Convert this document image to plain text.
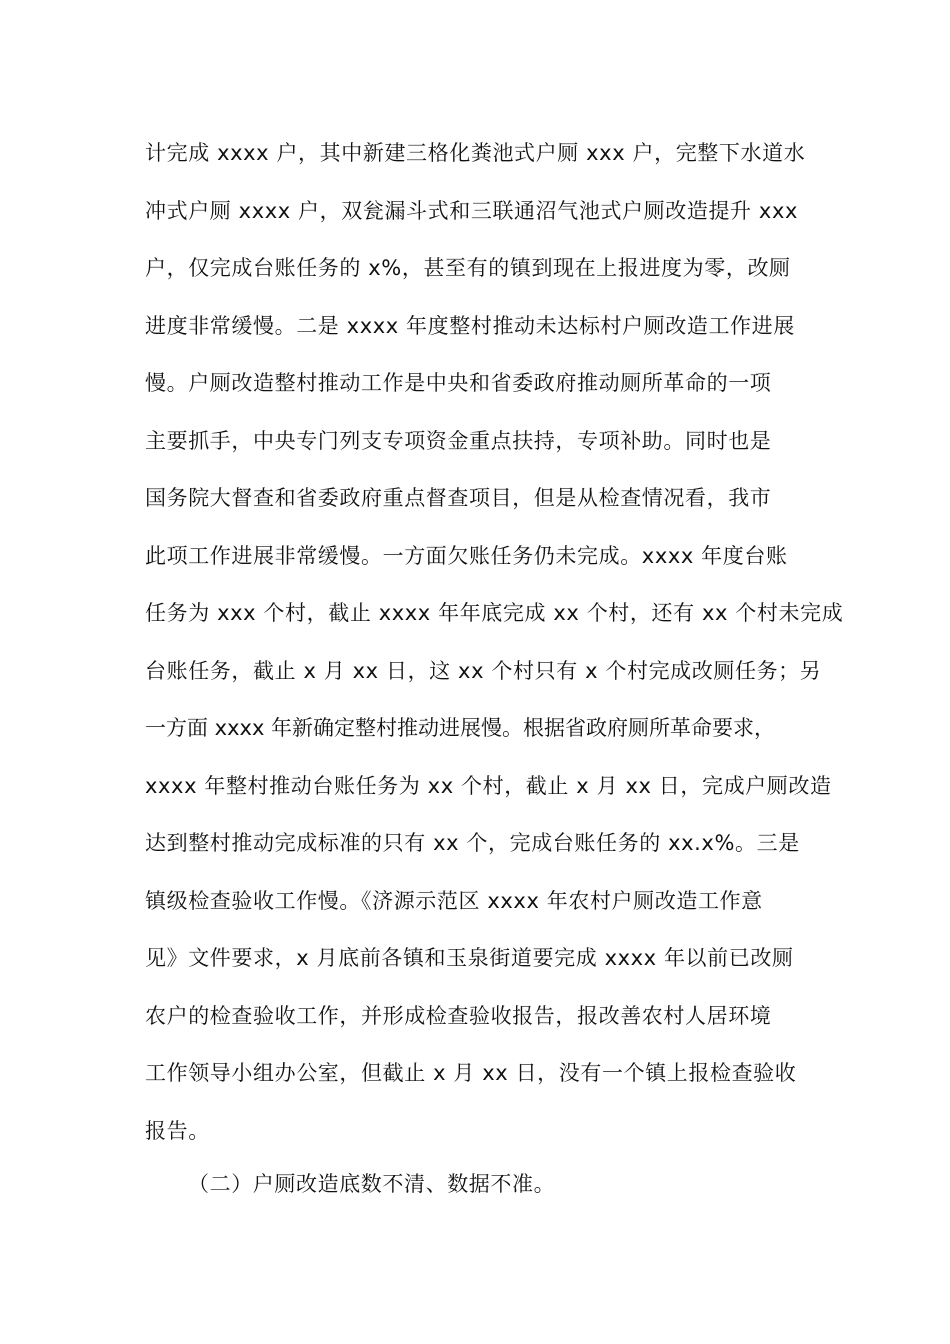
计完成 xxxx 户，其中新建三格化粪池式户厕 xxx 户，完整下水道水
冲式户厕 xxxx 户，双瓮漏斗式和三联通沼气池式户厕改造提升 xxx
户，仅完成台账任务的 x%，甚至有的镇到现在上报进度为零，改厕
进度非常缓慢。二是 xxxx 年度整村推动未达标村户厕改造工作进展
慢。户厕改造整村推动工作是中央和省委政府推动厕所革命的一项
主要抓手，中央专门列支专项资金重点扶持，专项补助。同时也是
国务院大督查和省委政府重点督查项目，但是从检查情况看，我市
此项工作进展非常缓慢。一方面欠账任务仍未完成。xxxx 年度台账
任务为 xxx 个村，截止 xxxx 年年底完成 xx 个村，还有 xx 个村未完成
台账任务，截止 x 月 xx 日，这 xx 个村只有 x 个村完成改厕任务；另
一方面 xxxx 年新确定整村推动进展慢。根据省政府厕所革命要求，
xxxx 年整村推动台账任务为 xx 个村，截止 x 月 xx 日，完成户厕改造
达到整村推动完成标准的只有 xx 个，完成台账任务的 xx.x%。三是
镇级检查验收工作慢。《济源示范区 xxxx 年农村户厕改造工作意
见》文件要求，x 月底前各镇和玉泉街道要完成 xxxx 年以前已改厕
农户的检查验收工作，并形成检查验收报告，报改善农村人居环境
工作领导小组办公室，但截止 x 月 xx 日，没有一个镇上报检查验收
报告。
（二）户厕改造底数不清、数据不准。
